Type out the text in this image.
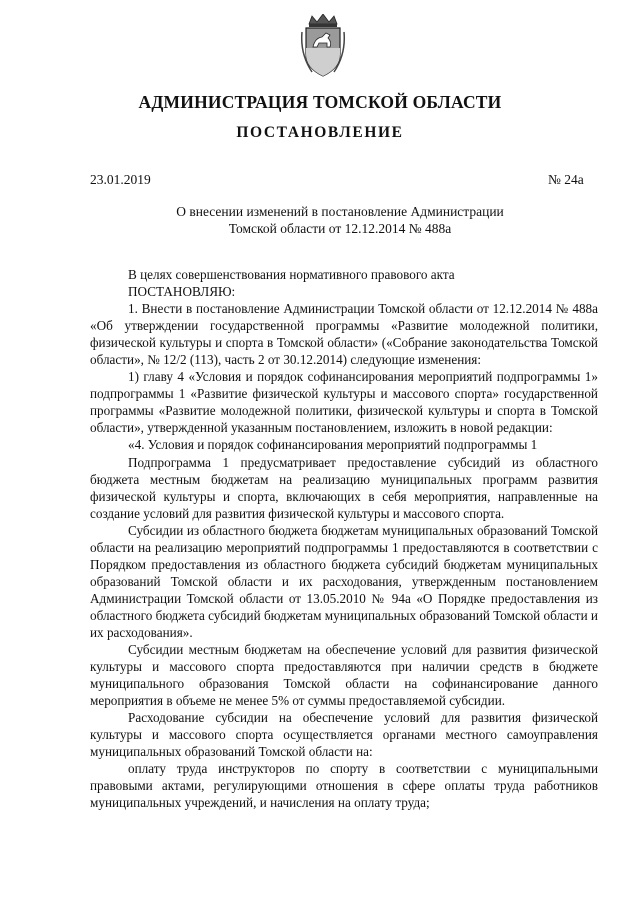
АДМИНИСТРАЦИЯ ТОМСКОЙ ОБЛАСТИ
ПОСТАНОВЛЕНИЕ
23.01.2019	№ 24а
О внесении изменений в постановление Администрации
Томской области от 12.12.2014 № 488а

В целях совершенствования нормативного правового акта

ПОСТАНОВЛЯЮ:

1. Внести в постановление Администрации Томской области от 12.12.2014 № 488а «Об утверждении государственной программы «Развитие молодежной политики, физической культуры и спорта в Томской области» («Собрание законодательства Томской области», № 12/2 (113), часть 2 от 30.12.2014) следующие изменения:

1) главу 4 «Условия и порядок софинансирования мероприятий подпрограммы 1» подпрограммы 1 «Развитие физической культуры и массового спорта» государственной программы «Развитие молодежной политики, физической культуры и спорта в Томской области», утвержденной указанным постановлением, изложить в новой редакции:

«4. Условия и порядок софинансирования мероприятий подпрограммы 1

Подпрограмма 1 предусматривает предоставление субсидий из областного бюджета местным бюджетам на реализацию муниципальных программ развития физической культуры и спорта, включающих в себя мероприятия, направленные на создание условий для развития физической культуры и массового спорта.

Субсидии из областного бюджета бюджетам муниципальных образований Томской области на реализацию мероприятий подпрограммы 1 предоставляются в соответствии с Порядком предоставления из областного бюджета субсидий бюджетам муниципальных образований Томской области и их расходования, утвержденным постановлением Администрации Томской области от 13.05.2010 № 94а «О Порядке предоставления из областного бюджета субсидий бюджетам муниципальных образований Томской области и их расходования».

Субсидии местным бюджетам на обеспечение условий для развития физической культуры и массового спорта предоставляются при наличии средств в бюджете муниципального образования Томской области на софинансирование данного мероприятия в объеме не менее 5% от суммы предоставляемой субсидии.

Расходование субсидии на обеспечение условий для развития физической культуры и массового спорта осуществляется органами местного самоуправления муниципальных образований Томской области на:

оплату труда инструкторов по спорту в соответствии с муниципальными правовыми актами, регулирующими отношения в сфере оплаты труда работников муниципальных учреждений, и начисления на оплату труда;
